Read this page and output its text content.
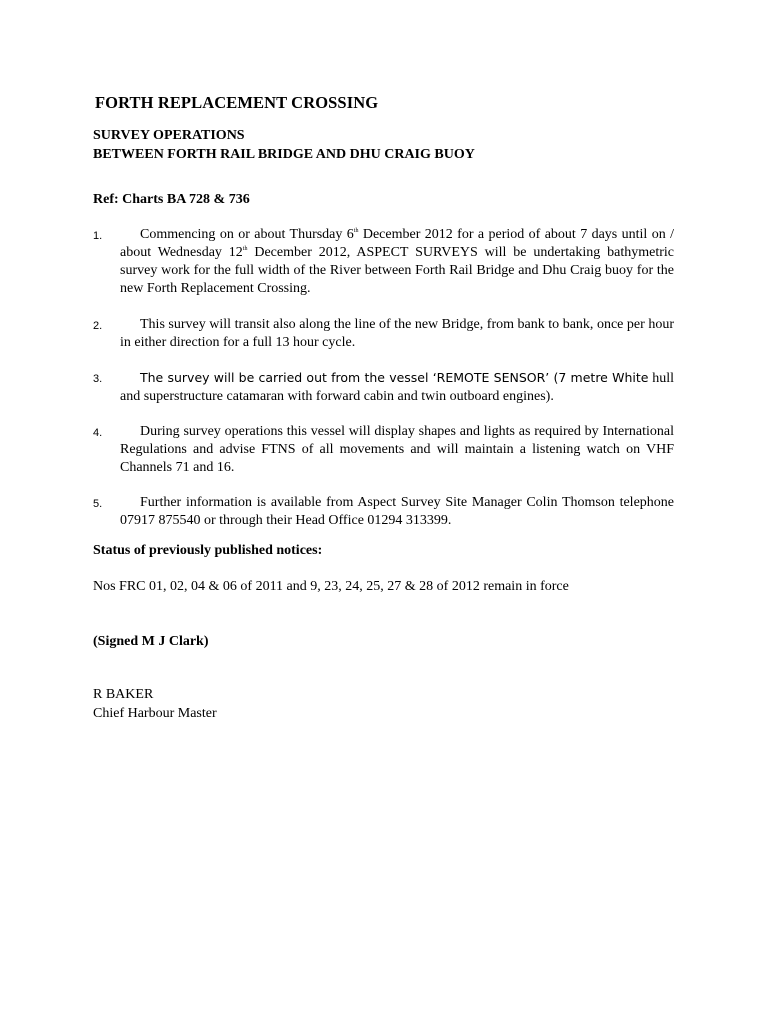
FORTH REPLACEMENT CROSSING
SURVEY OPERATIONS
BETWEEN FORTH RAIL BRIDGE AND DHU CRAIG BUOY
Ref: Charts BA 728 & 736
1.	Commencing on or about Thursday 6th December 2012 for a period of about 7 days until on / about Wednesday 12th December 2012, ASPECT SURVEYS will be undertaking bathymetric survey work for the full width of the River between Forth Rail Bridge and Dhu Craig buoy for the new Forth Replacement Crossing.
2.	This survey will transit also along the line of the new Bridge, from bank to bank, once per hour in either direction for a full 13 hour cycle.
3.	The survey will be carried out from the vessel ‘REMOTE SENSOR’ (7 metre White hull and superstructure catamaran with forward cabin and twin outboard engines).
4.	During survey operations this vessel will display shapes and lights as required by International Regulations and advise FTNS of all movements and will maintain a listening watch on VHF Channels 71 and 16.
5.	Further information is available from Aspect Survey Site Manager Colin Thomson telephone 07917 875540 or through their Head Office 01294 313399.
Status of previously published notices:
Nos FRC 01, 02, 04 & 06 of 2011 and 9, 23, 24, 25, 27 & 28 of 2012 remain in force
(Signed M J Clark)
R BAKER
Chief Harbour Master
